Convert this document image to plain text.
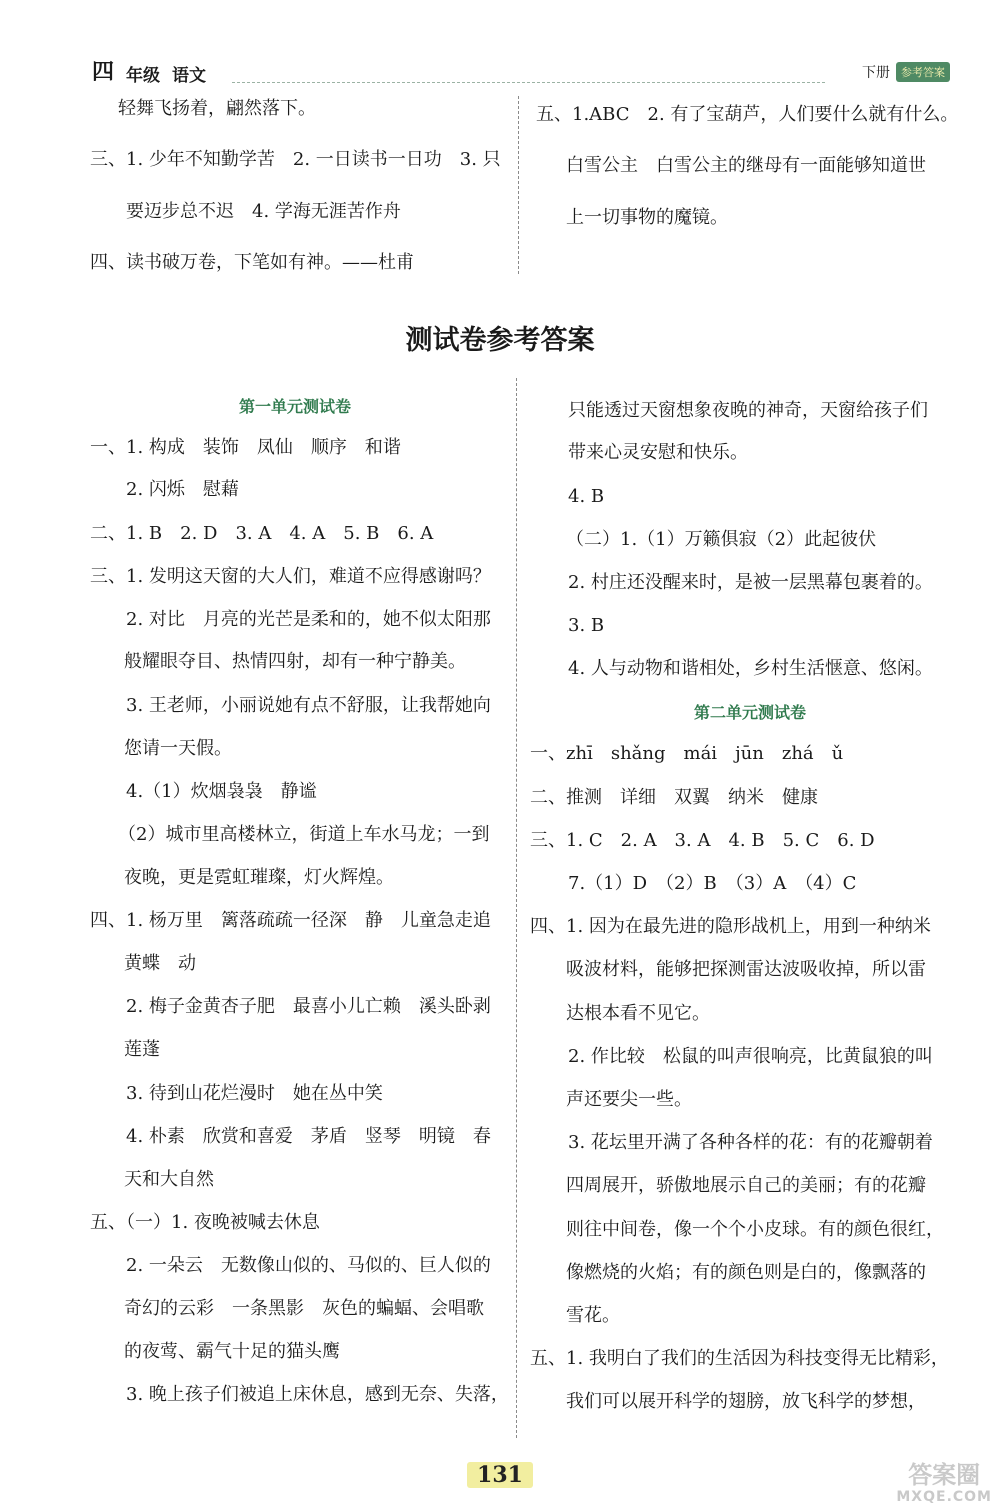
四 年级 语文	下册	参考答案
轻舞飞扬着，翩然落下。
三、1. 少年不知勤学苦　2. 一日读书一日功　3. 只
要迈步总不迟　4. 学海无涯苦作舟
四、读书破万卷，下笔如有神。——杜甫
五、1.ABC　2. 有了宝葫芦，人们要什么就有什么。
白雪公主　白雪公主的继母有一面能够知道世
上一切事物的魔镜。
测试卷参考答案
第一单元测试卷
一、1. 构成　装饰　凤仙　顺序　和谐
2. 闪烁　慰藉
二、1. B　2. D　3. A　4. A　5. B　6. A
三、1. 发明这天窗的大人们，难道不应得感谢吗？
2. 对比　月亮的光芒是柔和的，她不似太阳那
般耀眼夺目、热情四射，却有一种宁静美。
3. 王老师，小丽说她有点不舒服，让我帮她向
您请一天假。
4.（1）炊烟袅袅　静谧
（2）城市里高楼林立，街道上车水马龙；一到
夜晚，更是霓虹璀璨，灯火辉煌。
四、1. 杨万里　篱落疏疏一径深　静　儿童急走追
黄蝶　动
2. 梅子金黄杏子肥　最喜小儿亡赖　溪头卧剥
莲蓬
3. 待到山花烂漫时　她在丛中笑
4. 朴素　欣赏和喜爱　茅盾　竖琴　明镜　春
天和大自然
五、（一）1. 夜晚被喊去休息
2. 一朵云　无数像山似的、马似的、巨人似的
奇幻的云彩　一条黑影　灰色的蝙蝠、会唱歌
的夜莺、霸气十足的猫头鹰
3. 晚上孩子们被追上床休息，感到无奈、失落，
只能透过天窗想象夜晚的神奇，天窗给孩子们
带来心灵安慰和快乐。
4. B
（二）1.（1）万籁俱寂（2）此起彼伏
2. 村庄还没醒来时，是被一层黑幕包裹着的。
3. B
4. 人与动物和谐相处，乡村生活惬意、悠闲。
第二单元测试卷
一、zhī　shǎng　mái　jūn　zhá　ǔ
二、推测　详细　双翼　纳米　健康
三、1. C　2. A　3. A　4. B　5. C　6. D
7.（1）D　（2）B　（3）A　（4）C
四、1. 因为在最先进的隐形战机上，用到一种纳米
吸波材料，能够把探测雷达波吸收掉，所以雷
达根本看不见它。
2. 作比较　松鼠的叫声很响亮，比黄鼠狼的叫
声还要尖一些。
3. 花坛里开满了各种各样的花：有的花瓣朝着
四周展开，骄傲地展示自己的美丽；有的花瓣
则往中间卷，像一个个小皮球。有的颜色很红，
像燃烧的火焰；有的颜色则是白的，像飘落的
雪花。
五、1. 我明白了我们的生活因为科技变得无比精彩，
我们可以展开科学的翅膀，放飞科学的梦想，
131	答案圈
MXQE.COM
